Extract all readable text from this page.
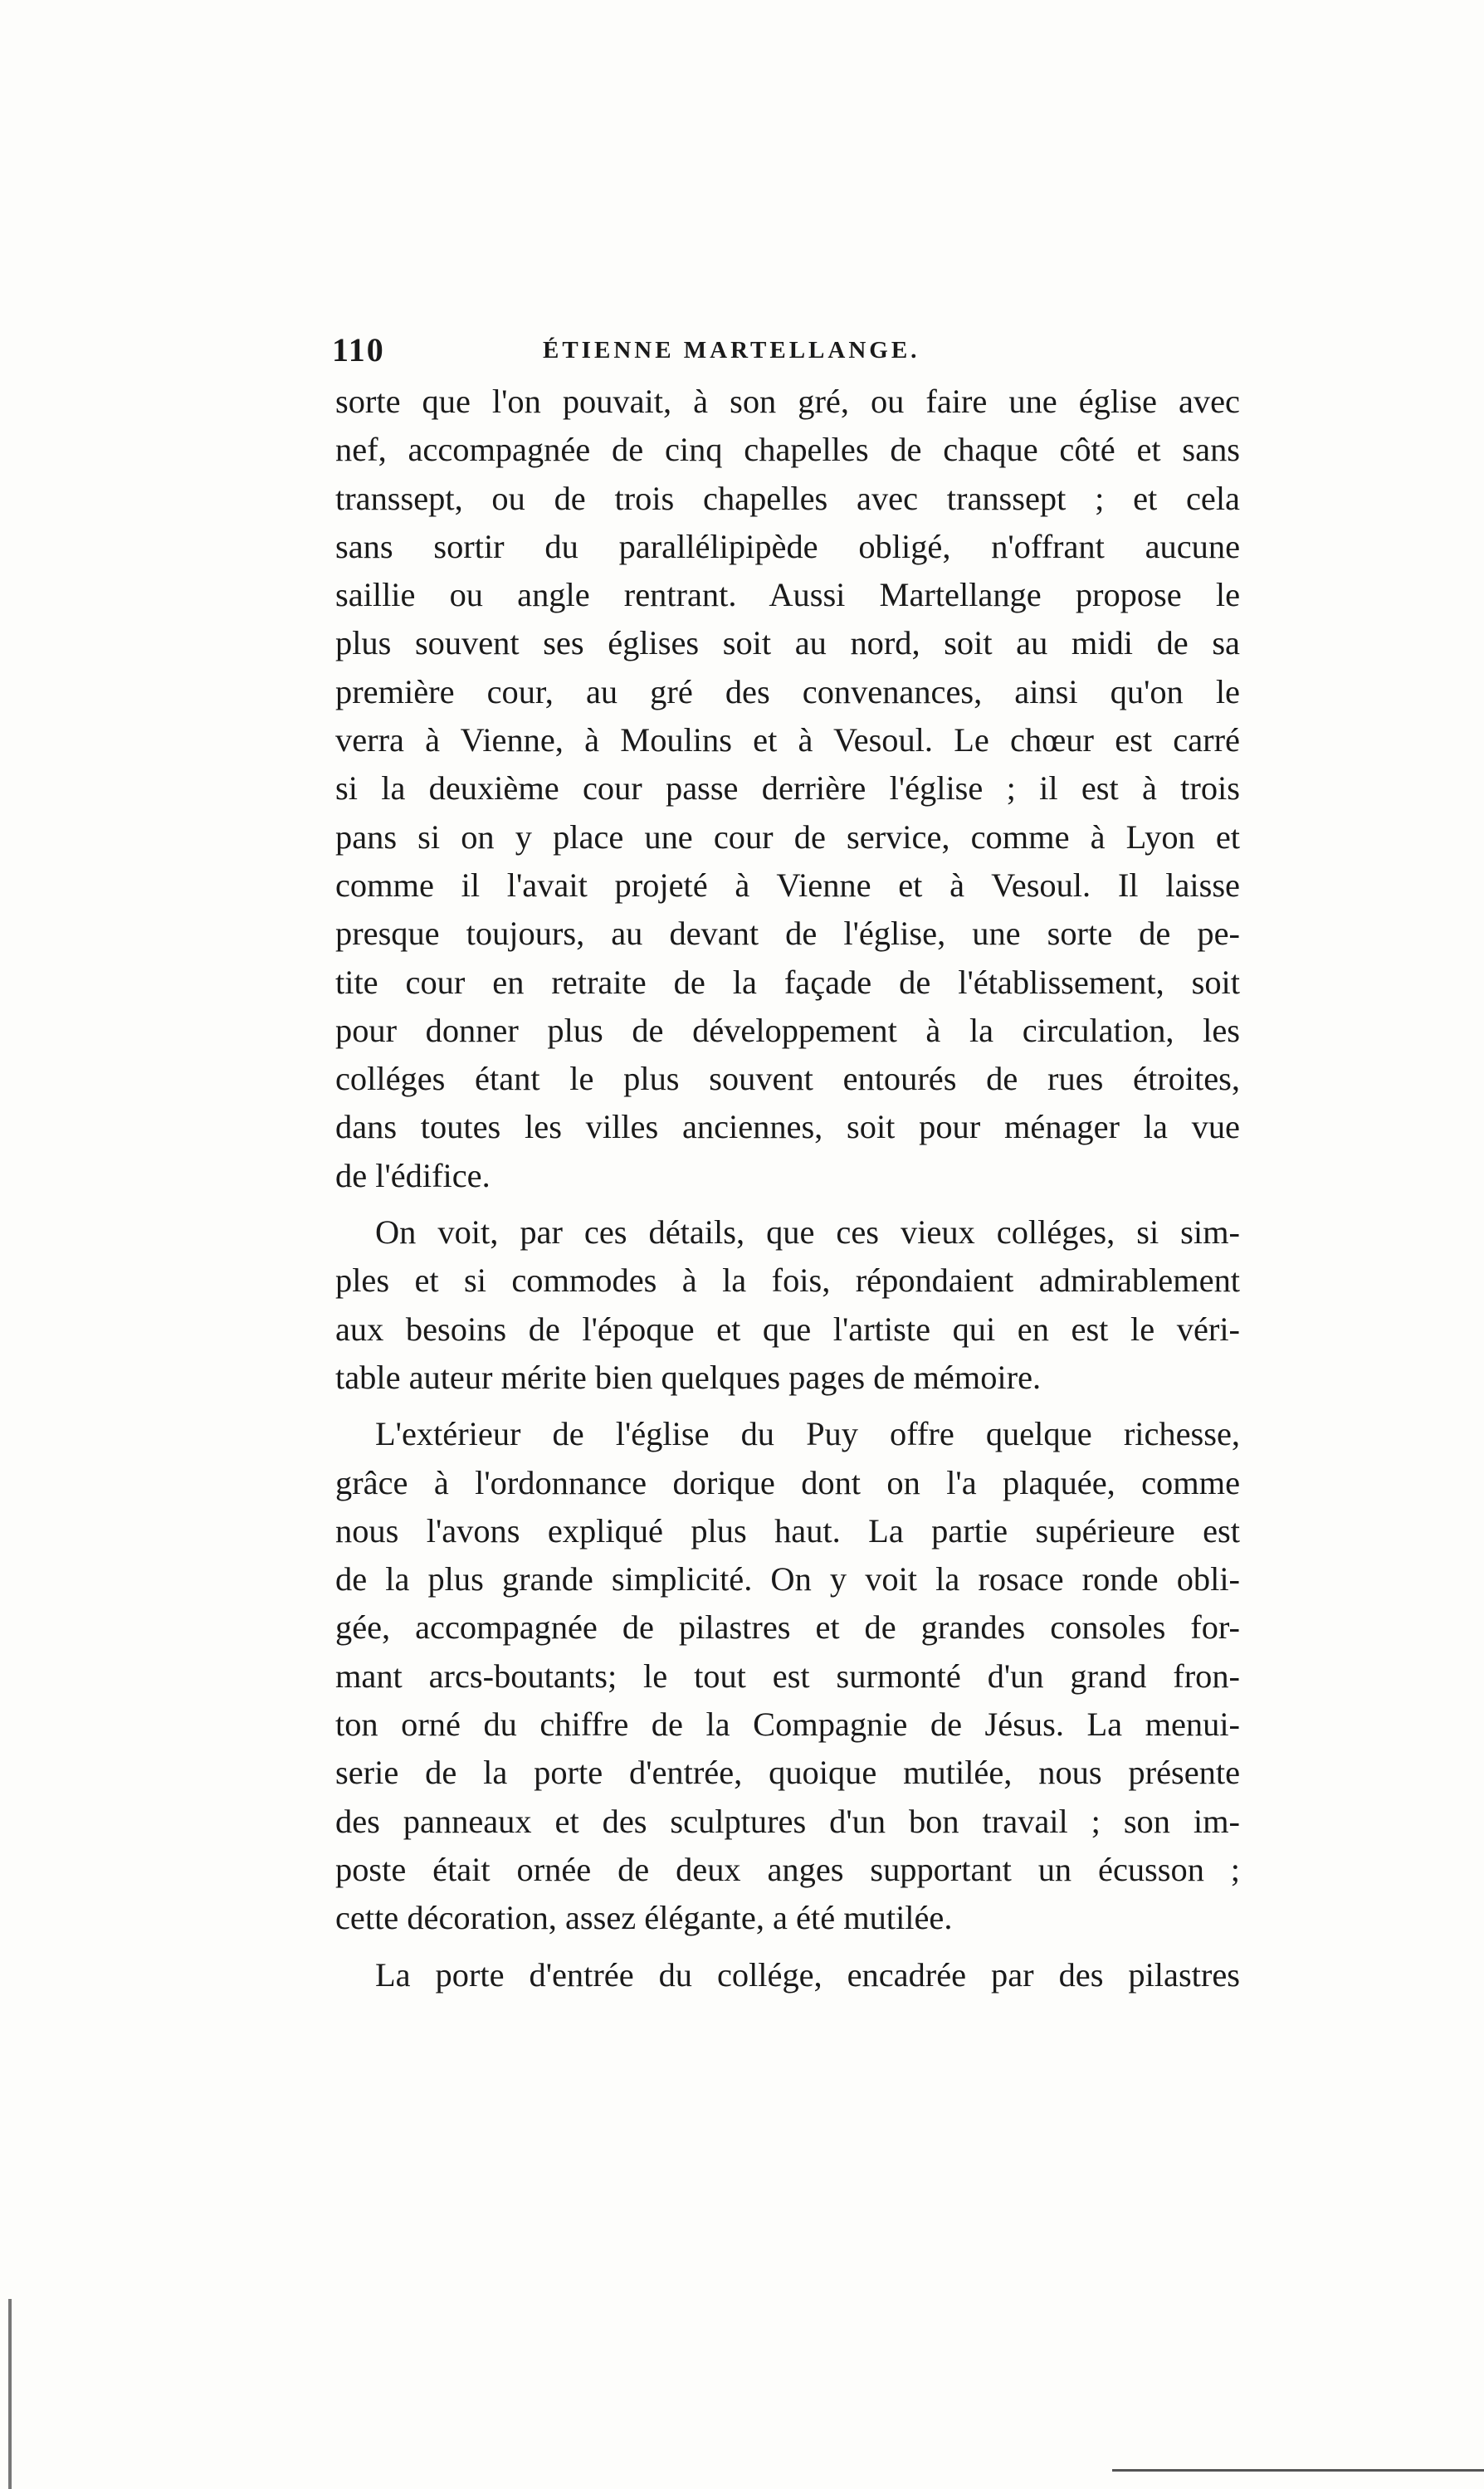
110	ÉTIENNE MARTELLANGE.

sorte que l'on pouvait, à son gré, ou faire une église avec
nef, accompagnée de cinq chapelles de chaque côté et sans
transsept, ou de trois chapelles avec transsept ; et cela
sans sortir du parallélipipède obligé, n'offrant aucune
saillie ou angle rentrant. Aussi Martellange propose le
plus souvent ses églises soit au nord, soit au midi de sa
première cour, au gré des convenances, ainsi qu'on le
verra à Vienne, à Moulins et à Vesoul. Le chœur est carré
si la deuxième cour passe derrière l'église ; il est à trois
pans si on y place une cour de service, comme à Lyon et
comme il l'avait projeté à Vienne et à Vesoul. Il laisse
presque toujours, au devant de l'église, une sorte de pe-
tite cour en retraite de la façade de l'établissement, soit
pour donner plus de développement à la circulation, les
colléges étant le plus souvent entourés de rues étroites,
dans toutes les villes anciennes, soit pour ménager la vue
de l'édifice.

On voit, par ces détails, que ces vieux colléges, si sim-
ples et si commodes à la fois, répondaient admirablement
aux besoins de l'époque et que l'artiste qui en est le véri-
table auteur mérite bien quelques pages de mémoire.

L'extérieur de l'église du Puy offre quelque richesse,
grâce à l'ordonnance dorique dont on l'a plaquée, comme
nous l'avons expliqué plus haut. La partie supérieure est
de la plus grande simplicité. On y voit la rosace ronde obli-
gée, accompagnée de pilastres et de grandes consoles for-
mant arcs-boutants; le tout est surmonté d'un grand fron-
ton orné du chiffre de la Compagnie de Jésus. La menui-
serie de la porte d'entrée, quoique mutilée, nous présente
des panneaux et des sculptures d'un bon travail ; son im-
poste était ornée de deux anges supportant un écusson ;
cette décoration, assez élégante, a été mutilée.

La porte d'entrée du collége, encadrée par des pilastres
